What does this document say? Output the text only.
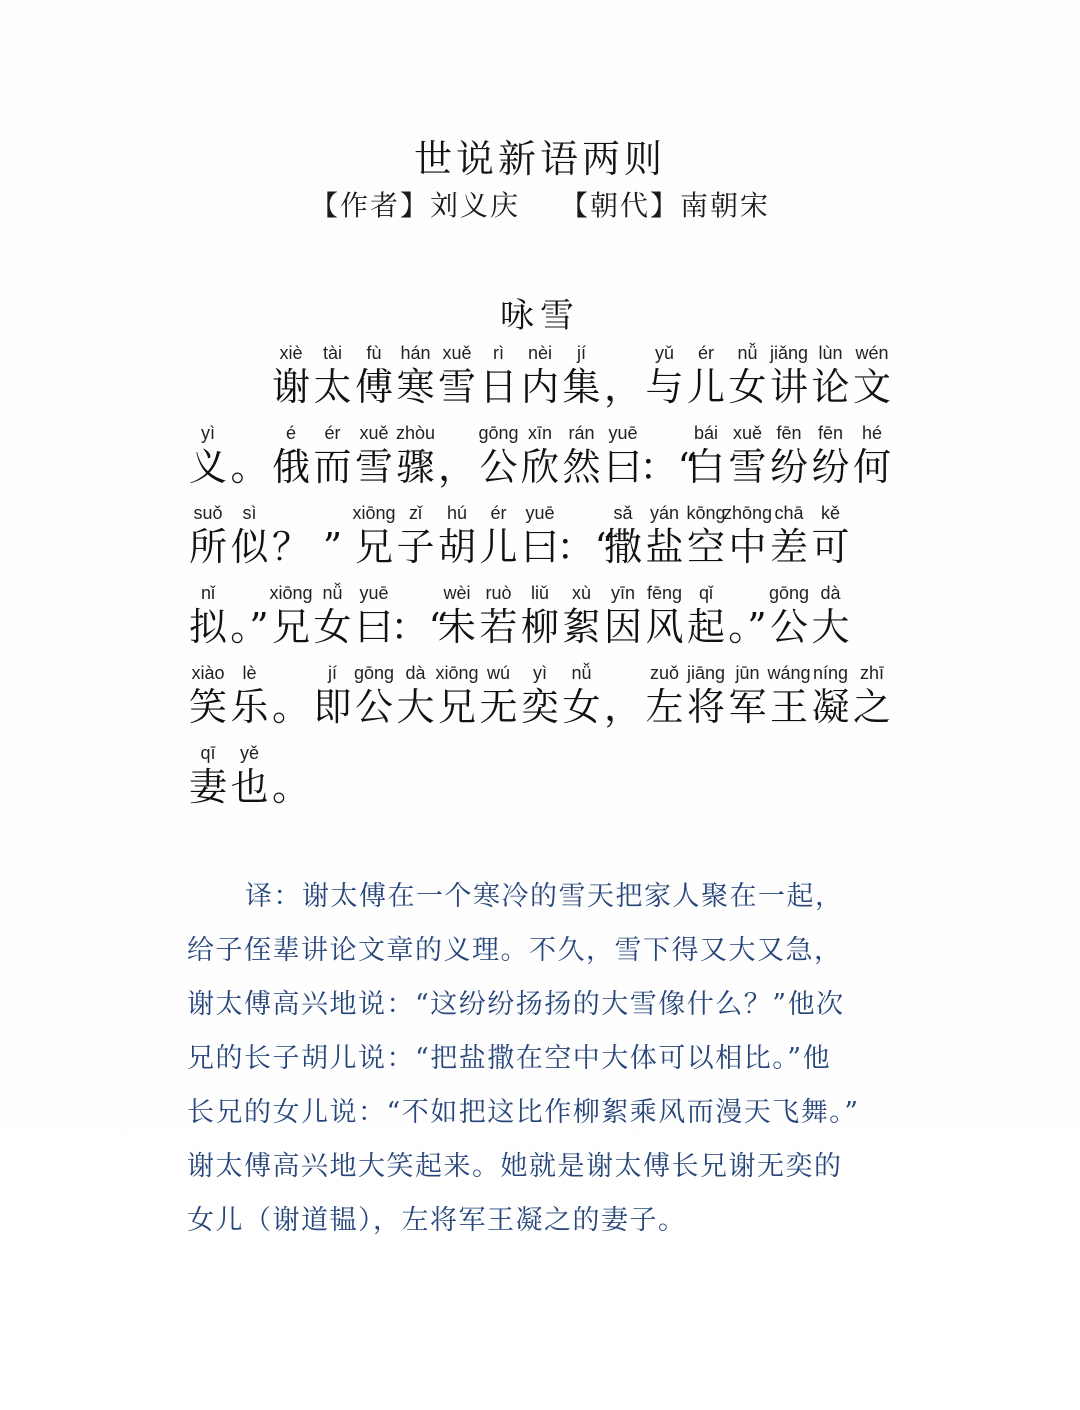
世说新语两则
【作者】刘义庆 【朝代】南朝宋
咏雪
xiè
谢
tài
太
fù
傅
hán
寒
xuě
雪
rì
日
nèi
内
jí
集 ，
yǔ
与
ér
儿
nǚ
女
jiǎng
讲
lùn
论
wén
文
yì
义 。
é
俄
ér
而
xuě
雪
zhòu
骤 ，
gōng
公
xīn
欣
rán
然
yuē
曰
：“
bái
白
xuě
雪
fēn
纷
fēn
纷
hé
何
suǒ
所
sì
似 ？ ”
xiōng
兄
zǐ
子
hú
胡
ér
儿
yuē
曰
：“
sǎ
撒
yán
盐
kōng
空
zhōng
中
chā
差
kě
可
nǐ
拟 。”
xiōng
兄
nǚ
女
yuē
曰
：“
wèi
未
ruò
若
liǔ
柳
xù
絮
yīn
因
fēng
风
qǐ
起 。”
gōng
公
dà
大
xiào
笑
lè
乐 。
jí
即
gōng
公
dà
大
xiōng
兄
wú
无
yì
奕
nǚ
女 ，
zuǒ
左
jiāng
将
jūn
军
wáng
王
níng
凝
zhī
之
qī
妻
yě
也 。
译：谢太傅在一个寒冷的雪天把家人聚在一起，
给子侄辈讲论文章的义理。不久，雪下得又大又急，
谢太傅高兴地说：“这纷纷扬扬的大雪像什么？”他次
兄的长子胡儿说：“把盐撒在空中大体可以相比。”他
长兄的女儿说：“不如把这比作柳絮乘风而漫天飞舞。”
谢太傅高兴地大笑起来。她就是谢太傅长兄谢无奕的
女儿（谢道韫），左将军王凝之的妻子。
